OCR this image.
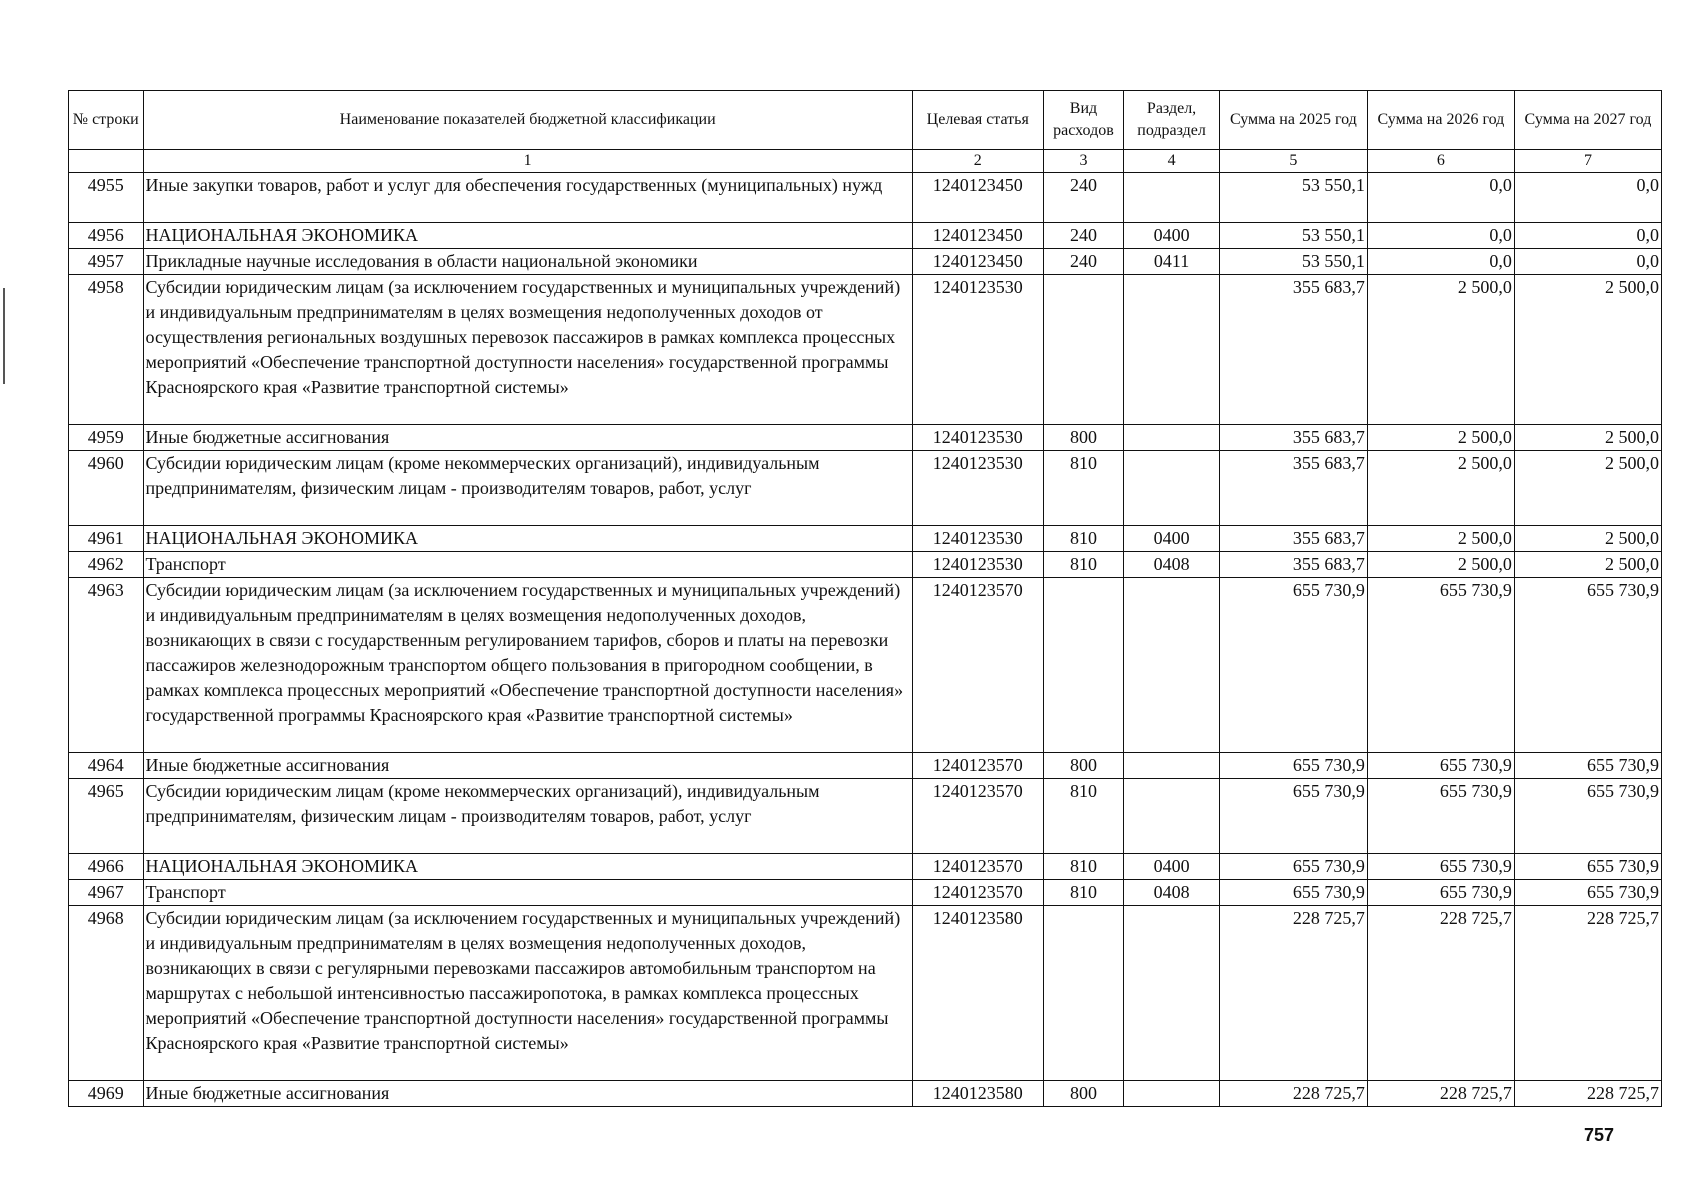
№ строки	Наименование показателей бюджетной классификации	Целевая статья	Вид расходов	Раздел, подраздел	Сумма на 2025 год	Сумма на 2026 год	Сумма на 2027 год
	1	2	3	4	5	6	7
4955	Иные закупки товаров, работ и услуг для обеспечения государственных (муниципальных) нужд	1240123450	240		53 550,1	0,0	0,0
4956	НАЦИОНАЛЬНАЯ ЭКОНОМИКА	1240123450	240	0400	53 550,1	0,0	0,0
4957	Прикладные научные исследования в области национальной экономики	1240123450	240	0411	53 550,1	0,0	0,0
4958	Субсидии юридическим лицам (за исключением государственных и муниципальных учреждений) и индивидуальным предпринимателям в целях возмещения недополученных доходов от осуществления региональных воздушных перевозок пассажиров в рамках комплекса процессных мероприятий «Обеспечение транспортной доступности населения» государственной программы Красноярского края «Развитие транспортной системы»	1240123530			355 683,7	2 500,0	2 500,0
4959	Иные бюджетные ассигнования	1240123530	800		355 683,7	2 500,0	2 500,0
4960	Субсидии юридическим лицам (кроме некоммерческих организаций), индивидуальным предпринимателям, физическим лицам - производителям товаров, работ, услуг	1240123530	810		355 683,7	2 500,0	2 500,0
4961	НАЦИОНАЛЬНАЯ ЭКОНОМИКА	1240123530	810	0400	355 683,7	2 500,0	2 500,0
4962	Транспорт	1240123530	810	0408	355 683,7	2 500,0	2 500,0
4963	Субсидии юридическим лицам (за исключением государственных и муниципальных учреждений) и индивидуальным предпринимателям в целях возмещения недополученных доходов, возникающих в связи с государственным регулированием тарифов, сборов и платы на перевозки пассажиров железнодорожным транспортом общего пользования в пригородном сообщении, в рамках комплекса процессных мероприятий «Обеспечение транспортной доступности населения» государственной программы Красноярского края «Развитие транспортной системы»	1240123570			655 730,9	655 730,9	655 730,9
4964	Иные бюджетные ассигнования	1240123570	800		655 730,9	655 730,9	655 730,9
4965	Субсидии юридическим лицам (кроме некоммерческих организаций), индивидуальным предпринимателям, физическим лицам - производителям товаров, работ, услуг	1240123570	810		655 730,9	655 730,9	655 730,9
4966	НАЦИОНАЛЬНАЯ ЭКОНОМИКА	1240123570	810	0400	655 730,9	655 730,9	655 730,9
4967	Транспорт	1240123570	810	0408	655 730,9	655 730,9	655 730,9
4968	Субсидии юридическим лицам (за исключением государственных и муниципальных учреждений) и индивидуальным предпринимателям в целях возмещения недополученных доходов, возникающих в связи с регулярными перевозками пассажиров автомобильным транспортом на маршрутах с небольшой интенсивностью пассажиропотока, в рамках комплекса процессных мероприятий «Обеспечение транспортной доступности населения» государственной программы Красноярского края «Развитие транспортной системы»	1240123580			228 725,7	228 725,7	228 725,7
4969	Иные бюджетные ассигнования	1240123580	800		228 725,7	228 725,7	228 725,7
757
